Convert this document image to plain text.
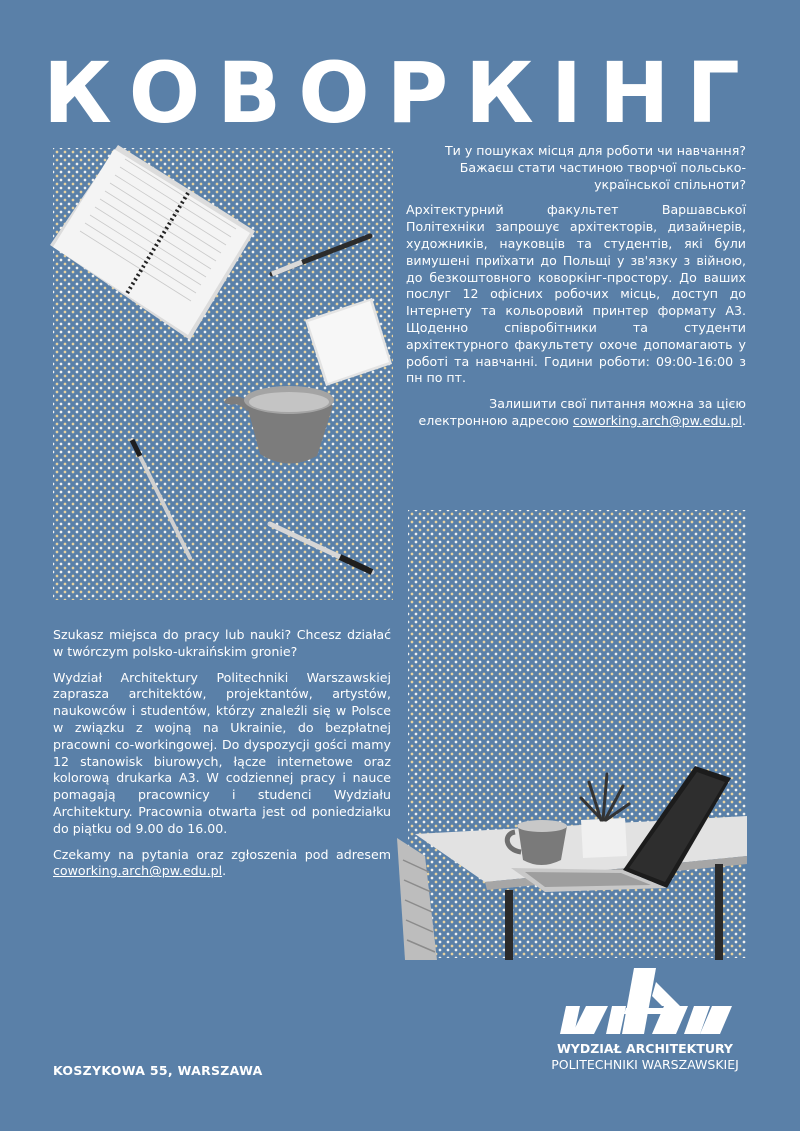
КОВОРКІНГ

Ти у пошуках місця для роботи чи навчання? Бажаєш стати частиною творчої польсько-української спільноти?

Архітектурний факультет Варшавської Політехніки запрошує архітекторів, дизайнерів, художників, науковців та студентів, які були вимушені приїхати до Польщі у зв'язку з війною, до безкоштовного коворкінг-простору. До ваших послуг 12 офісних робочих місць, доступ до Інтернету та кольоровий принтер формату А3. Щоденно співробітники та студенти архітектурного факультету охоче допомагають у роботі та навчанні. Години роботи: 09:00-16:00 з пн по пт.

Залишити свої питання можна за цією електронною адресою coworking.arch@pw.edu.pl.

Szukasz miejsca do pracy lub nauki? Chcesz działać w twórczym polsko-ukraińskim gronie?

Wydział Architektury Politechniki Warszawskiej zaprasza architektów, projektantów, artystów, naukowców i studentów, którzy znaleźli się w Polsce w związku z wojną na Ukrainie, do bezpłatnej pracowni co-workingowej. Do dyspozycji gości mamy 12 stanowisk biurowych, łącze internetowe oraz kolorową drukarka A3. W codziennej pracy i nauce pomagają pracownicy i studenci Wydziału Architektury. Pracownia otwarta jest od poniedziałku do piątku od 9.00 do 16.00.

Czekamy na pytania oraz zgłoszenia pod adresem coworking.arch@pw.edu.pl.

KOSZYKOWA 55, WARSZAWA
WYDZIAŁ ARCHITEKTURY
POLITECHNIKI WARSZAWSKIEJ
